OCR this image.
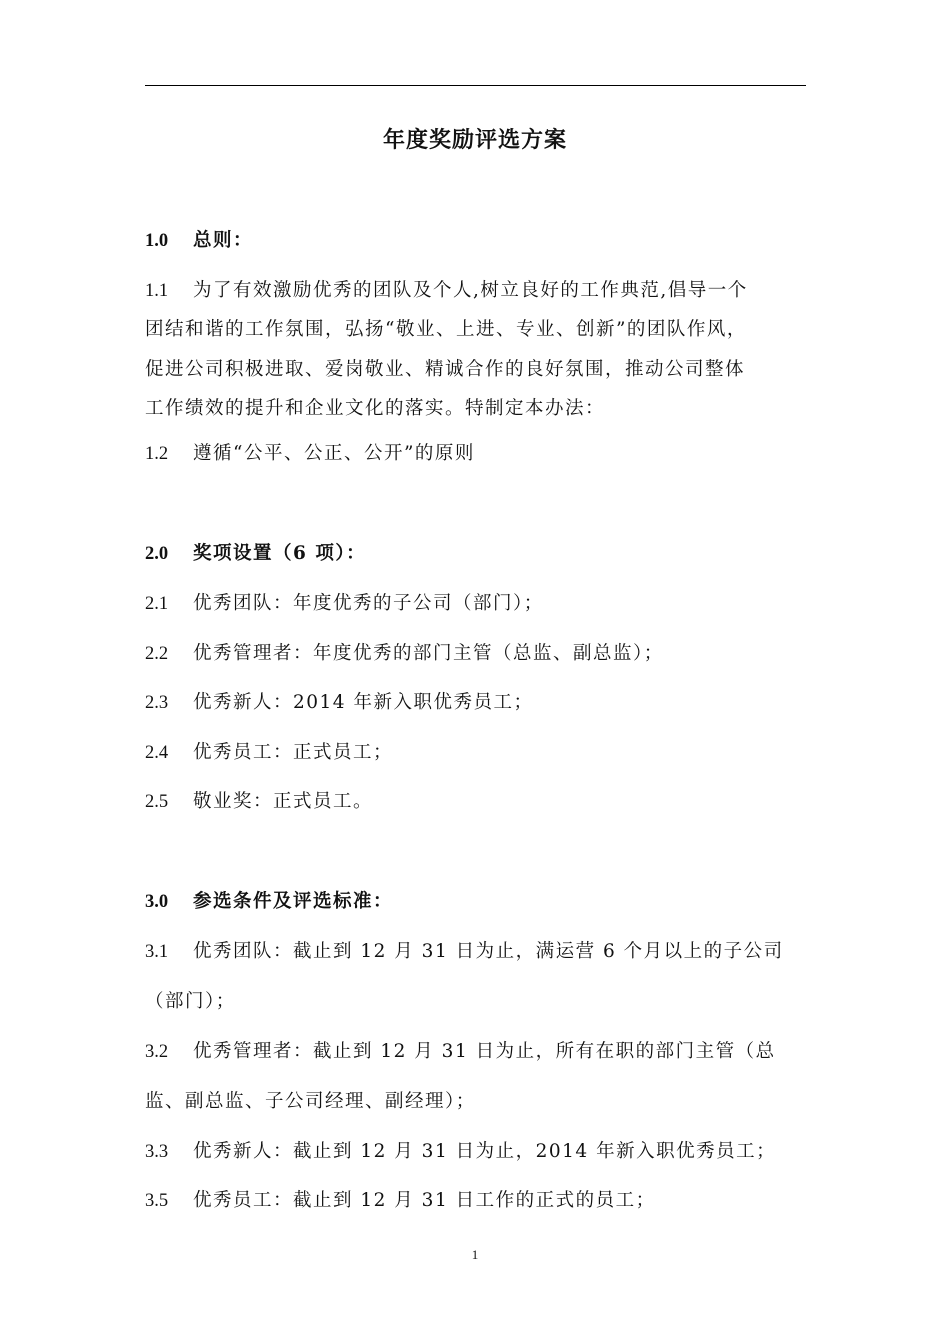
年度奖励评选方案
1.0 总则：
1.1 为了有效激励优秀的团队及个人,树立良好的工作典范,倡导一个
团结和谐的工作氛围，弘扬“敬业、上进、专业、创新”的团队作风，
促进公司积极进取、爱岗敬业、精诚合作的良好氛围，推动公司整体
工作绩效的提升和企业文化的落实。特制定本办法：
1.2 遵循“公平、公正、公开”的原则
2.0 奖项设置（6 项）：
2.1 优秀团队：年度优秀的子公司（部门）；
2.2 优秀管理者：年度优秀的部门主管（总监、副总监）；
2.3 优秀新人：2014 年新入职优秀员工；
2.4 优秀员工：正式员工；
2.5 敬业奖：正式员工。
3.0 参选条件及评选标准：
3.1 优秀团队：截止到 12 月 31 日为止，满运营 6 个月以上的子公司
（部门）；
3.2 优秀管理者：截止到 12 月 31 日为止，所有在职的部门主管（总
监、副总监、子公司经理、副经理）；
3.3 优秀新人：截止到 12 月 31 日为止，2014 年新入职优秀员工；
3.5 优秀员工：截止到 12 月 31 日工作的正式的员工；
1
